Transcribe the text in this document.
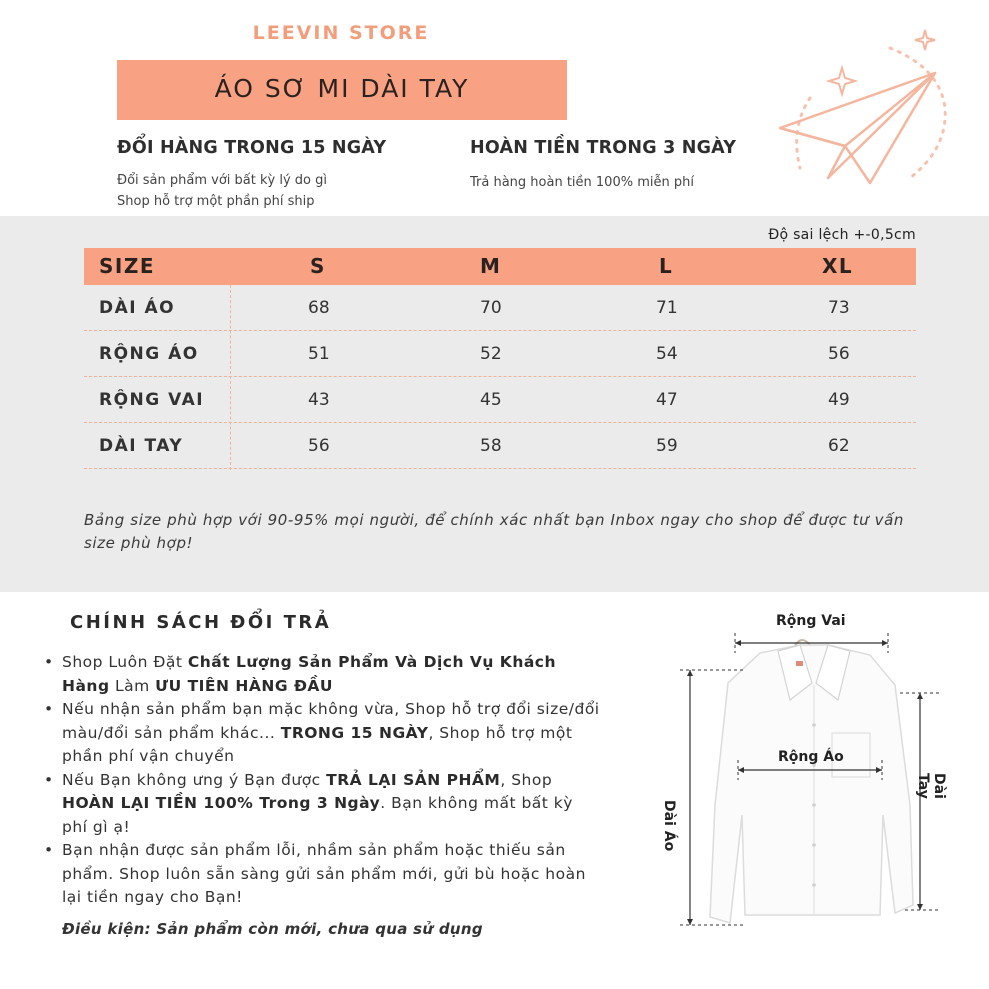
LEEVIN STORE
ÁO SƠ MI DÀI TAY
ĐỔI HÀNG TRONG 15 NGÀY
Đổi sản phẩm với bất kỳ lý do gì
Shop hỗ trợ một phần phí ship
HOÀN TIỀN TRONG 3 NGÀY
Trả hàng hoàn tiền 100% miễn phí
Độ sai lệch +-0,5cm
SIZE	S	M	L	XL
DÀI ÁO	68	70	71	73
RỘNG ÁO	51	52	54	56
RỘNG VAI	43	45	47	49
DÀI TAY	56	58	59	62
Bảng size phù hợp với 90-95% mọi người, để chính xác nhất bạn Inbox ngay cho shop để được tư vấn size phù hợp!
CHÍNH SÁCH ĐỔI TRẢ
• Shop Luôn Đặt Chất Lượng Sản Phẩm Và Dịch Vụ Khách Hàng Làm ƯU TIÊN HÀNG ĐẦU
• Nếu nhận sản phẩm bạn mặc không vừa, Shop hỗ trợ đổi size/đổi màu/đổi sản phẩm khác... TRONG 15 NGÀY, Shop hỗ trợ một phần phí vận chuyển
• Nếu Bạn không ưng ý Bạn được TRẢ LẠI SẢN PHẨM, Shop HOÀN LẠI TIỀN 100% Trong 3 Ngày. Bạn không mất bất kỳ phí gì ạ!
• Bạn nhận được sản phẩm lỗi, nhầm sản phẩm hoặc thiếu sản phẩm. Shop luôn sẵn sàng gửi sản phẩm mới, gửi bù hoặc hoàn lại tiền ngay cho Bạn!
Điều kiện: Sản phẩm còn mới, chưa qua sử dụng
Rộng Vai
Rộng Áo
Dài Áo
Dài Tay
